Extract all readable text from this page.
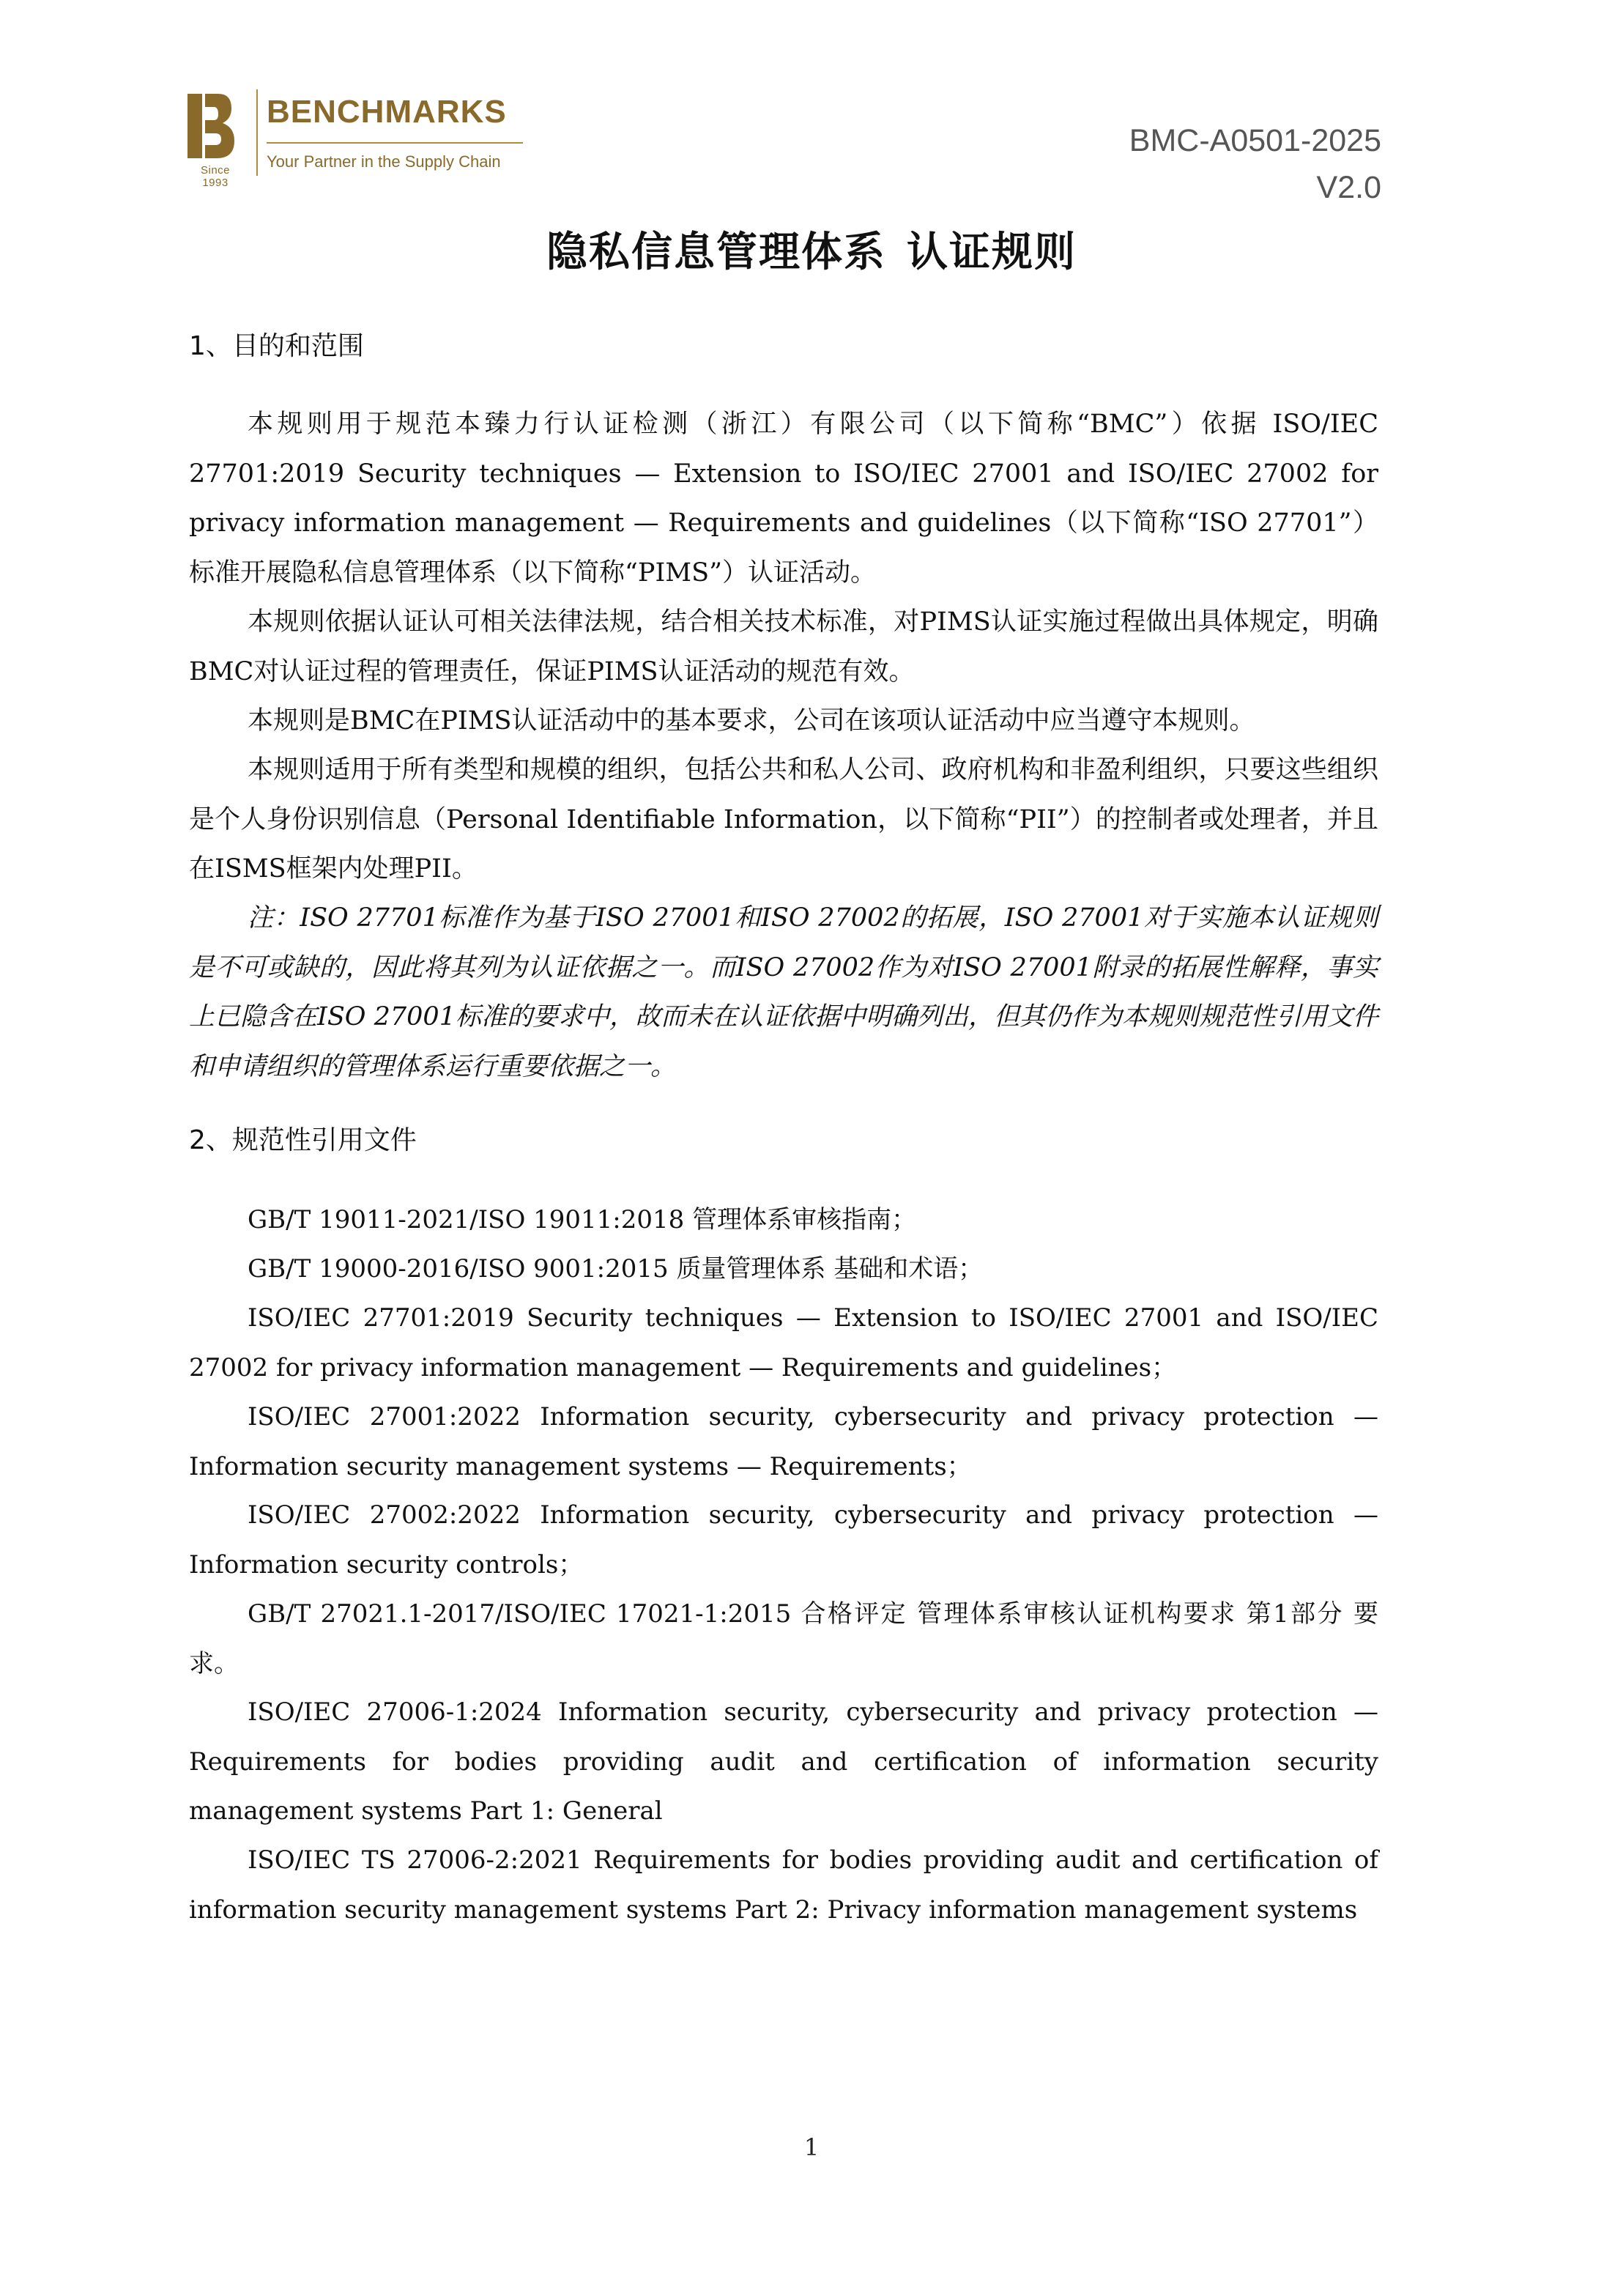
Since 1993
BENCHMARKS
Your Partner in the Supply Chain
BMC-A0501-2025
V2.0
隐私信息管理体系 认证规则
1、目的和范围

本规则用于规范本臻力行认证检测（浙江）有限公司（以下简称“BMC”）依据 ISO/IEC 27701:2019 Security techniques — Extension to ISO/IEC 27001 and ISO/IEC 27002 for privacy information management — Requirements and guidelines（以下简称“ISO 27701”）标准开展隐私信息管理体系（以下简称“PIMS”）认证活动。

本规则依据认证认可相关法律法规，结合相关技术标准，对PIMS认证实施过程做出具体规定，明确BMC对认证过程的管理责任，保证PIMS认证活动的规范有效。

本规则是BMC在PIMS认证活动中的基本要求，公司在该项认证活动中应当遵守本规则。

本规则适用于所有类型和规模的组织，包括公共和私人公司、政府机构和非盈利组织，只要这些组织是个人身份识别信息（Personal Identifiable Information，以下简称“PII”）的控制者或处理者，并且在ISMS框架内处理PII。

注：ISO 27701标准作为基于ISO 27001和ISO 27002的拓展，ISO 27001对于实施本认证规则是不可或缺的，因此将其列为认证依据之一。而ISO 27002作为对ISO 27001附录的拓展性解释，事实上已隐含在ISO 27001标准的要求中，故而未在认证依据中明确列出，但其仍作为本规则规范性引用文件和申请组织的管理体系运行重要依据之一。

2、规范性引用文件

GB/T 19011-2021/ISO 19011:2018 管理体系审核指南；

GB/T 19000-2016/ISO 9001:2015 质量管理体系 基础和术语；

ISO/IEC 27701:2019 Security techniques — Extension to ISO/IEC 27001 and ISO/IEC 27002 for privacy information management — Requirements and guidelines；

ISO/IEC 27001:2022 Information security, cybersecurity and privacy protection — Information security management systems — Requirements；

ISO/IEC 27002:2022 Information security, cybersecurity and privacy protection — Information security controls；

GB/T 27021.1-2017/ISO/IEC 17021-1:2015 合格评定 管理体系审核认证机构要求 第1部分 要求。

ISO/IEC 27006-1:2024 Information security, cybersecurity and privacy protection — Requirements for bodies providing audit and certification of information security management systems Part 1: General

ISO/IEC TS 27006-2:2021 Requirements for bodies providing audit and certification of information security management systems Part 2: Privacy information management systems

1
